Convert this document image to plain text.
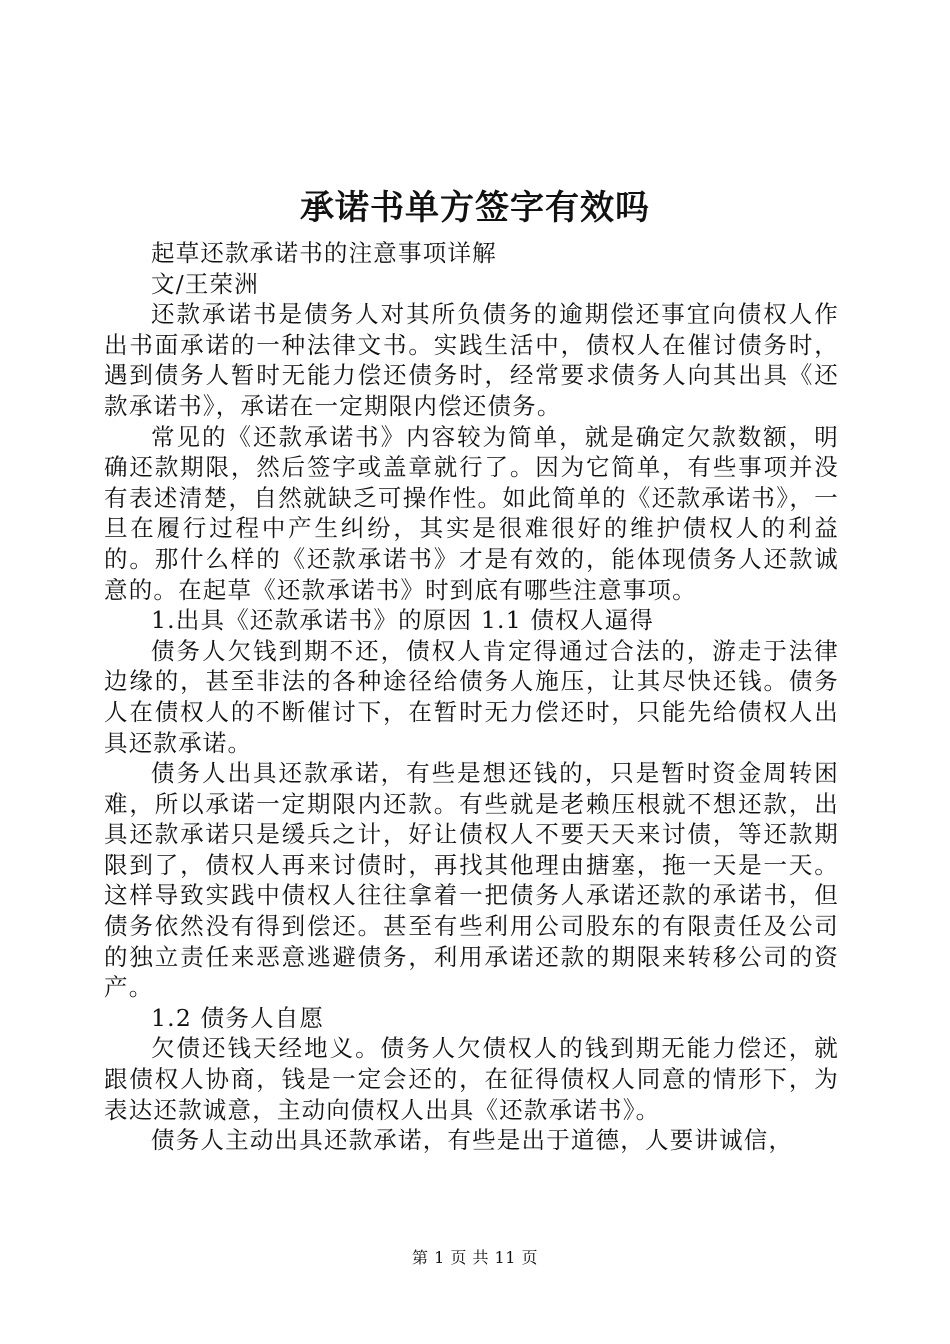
承诺书单方签字有效吗

起草还款承诺书的注意事项详解

文/王荣洲

还款承诺书是债务人对其所负债务的逾期偿还事宜向债权人作出书面承诺的一种法律文书。实践生活中，债权人在催讨债务时，遇到债务人暂时无能力偿还债务时，经常要求债务人向其出具《还款承诺书》，承诺在一定期限内偿还债务。

常见的《还款承诺书》内容较为简单，就是确定欠款数额，明确还款期限，然后签字或盖章就行了。因为它简单，有些事项并没有表述清楚，自然就缺乏可操作性。如此简单的《还款承诺书》，一旦在履行过程中产生纠纷，其实是很难很好的维护债权人的利益的。那什么样的《还款承诺书》才是有效的，能体现债务人还款诚意的。在起草《还款承诺书》时到底有哪些注意事项。

1.出具《还款承诺书》的原因 1.1 债权人逼得

债务人欠钱到期不还，债权人肯定得通过合法的，游走于法律边缘的，甚至非法的各种途径给债务人施压，让其尽快还钱。债务人在债权人的不断催讨下，在暂时无力偿还时，只能先给债权人出具还款承诺。

债务人出具还款承诺，有些是想还钱的，只是暂时资金周转困难，所以承诺一定期限内还款。有些就是老赖压根就不想还款，出具还款承诺只是缓兵之计，好让债权人不要天天来讨债，等还款期限到了，债权人再来讨债时，再找其他理由搪塞，拖一天是一天。这样导致实践中债权人往往拿着一把债务人承诺还款的承诺书，但债务依然没有得到偿还。甚至有些利用公司股东的有限责任及公司的独立责任来恶意逃避债务，利用承诺还款的期限来转移公司的资产。

1.2 债务人自愿

欠债还钱天经地义。债务人欠债权人的钱到期无能力偿还，就跟债权人协商，钱是一定会还的，在征得债权人同意的情形下，为表达还款诚意，主动向债权人出具《还款承诺书》。

债务人主动出具还款承诺，有些是出于道德，人要讲诚信，

第 1 页 共 11 页
